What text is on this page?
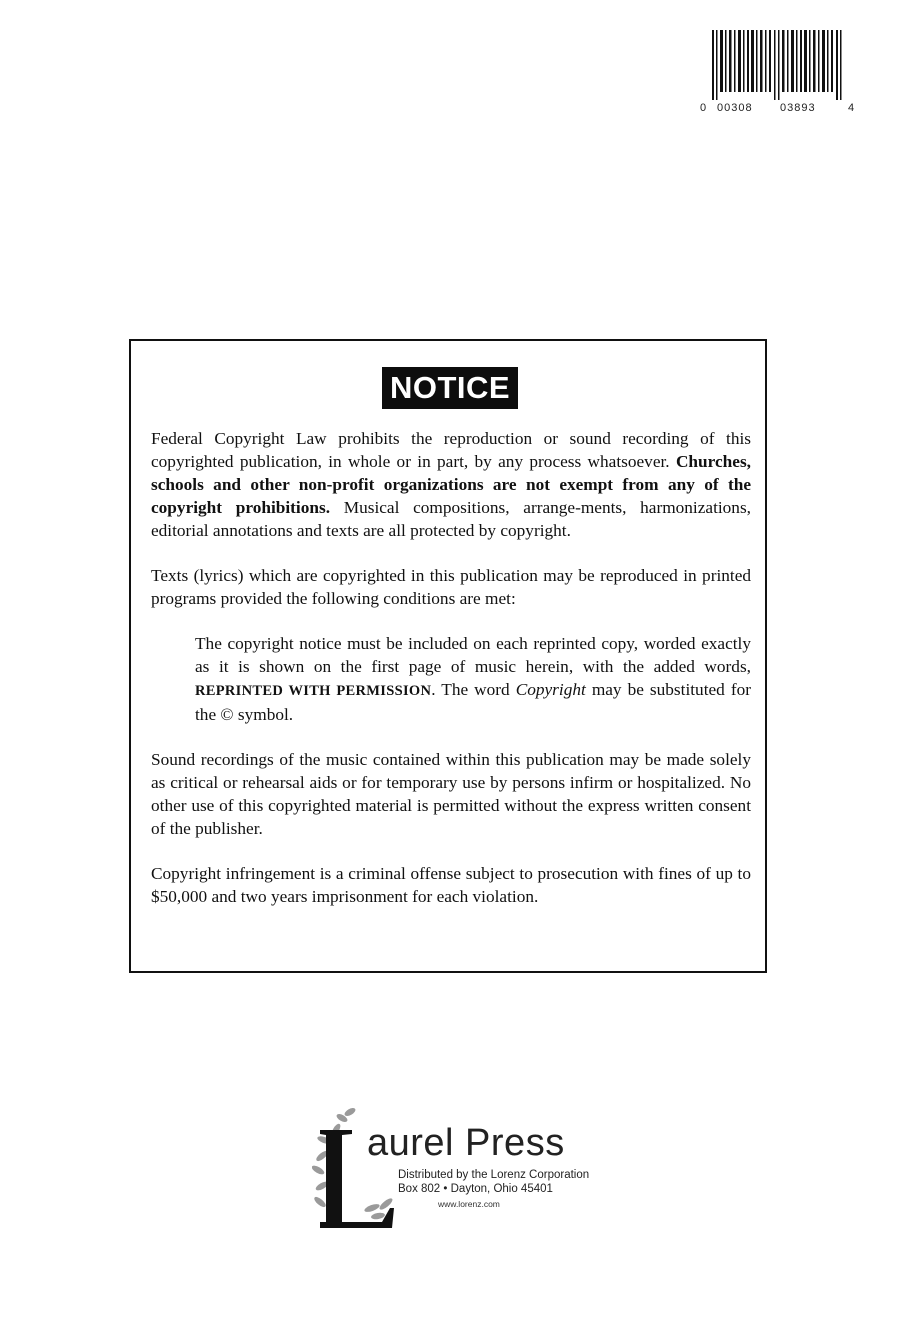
0 00308 03893	4
NOTICE

Federal Copyright Law prohibits the reproduction or sound recording of this copyrighted publication, in whole or in part, by any process whatsoever. Churches, schools and other non-profit organizations are not exempt from any of the copyright prohibitions. Musical compositions, arrange-ments, harmonizations, editorial annotations and texts are all protected by copyright.

Texts (lyrics) which are copyrighted in this publication may be reproduced in printed programs provided the following conditions are met:

The copyright notice must be included on each reprinted copy, worded exactly as it is shown on the first page of music herein, with the added words, REPRINTED WITH PERMISSION. The word Copyright may be substituted for the © symbol.

Sound recordings of the music contained within this publication may be made solely as critical or rehearsal aids or for temporary use by persons infirm or hospitalized. No other use of this copyrighted material is permitted without the express written consent of the publisher.

Copyright infringement is a criminal offense subject to prosecution with fines of up to $50,000 and two years imprisonment for each violation.

aurel Press
Distributed by the Lorenz Corporation
Box 802 • Dayton, Ohio 45401
www.lorenz.com
